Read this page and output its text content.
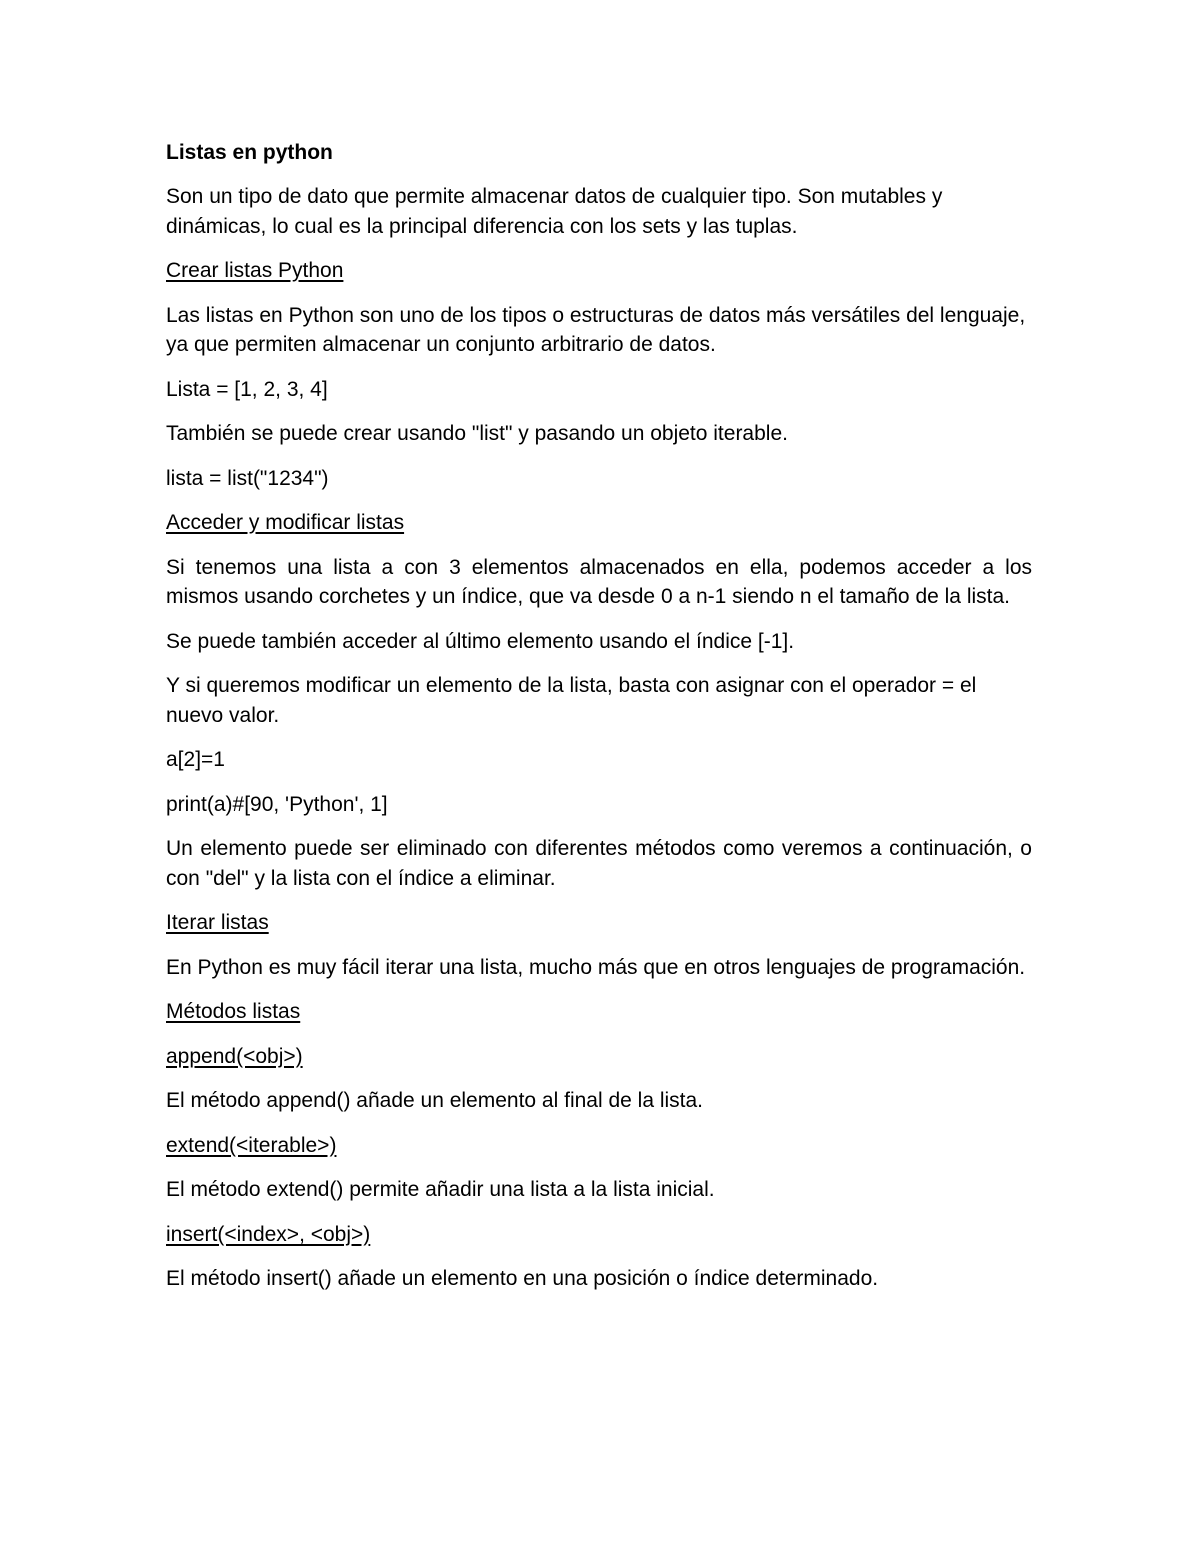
Listas en python
Son un tipo de dato que permite almacenar datos de cualquier tipo. Son mutables y dinámicas, lo cual es la principal diferencia con los sets y las tuplas.
Crear listas Python
Las listas en Python son uno de los tipos o estructuras de datos más versátiles del lenguaje, ya que permiten almacenar un conjunto arbitrario de datos.
Lista = [1, 2, 3, 4]
También se puede crear usando "list" y pasando un objeto iterable.
lista = list("1234")
Acceder y modificar listas
Si tenemos una lista a con 3 elementos almacenados en ella, podemos acceder a los mismos usando corchetes y un índice, que va desde 0 a n-1 siendo n el tamaño de la lista.
Se puede también acceder al último elemento usando el índice [-1].
Y si queremos modificar un elemento de la lista, basta con asignar con el operador = el nuevo valor.
a[2]=1
print(a)#[90, 'Python', 1]
Un elemento puede ser eliminado con diferentes métodos como veremos a continuación, o con "del" y la lista con el índice a eliminar.
Iterar listas
En Python es muy fácil iterar una lista, mucho más que en otros lenguajes de programación.
Métodos listas
append(<obj>)
El método append() añade un elemento al final de la lista.
extend(<iterable>)
El método extend() permite añadir una lista a la lista inicial.
insert(<index>, <obj>)
El método insert() añade un elemento en una posición o índice determinado.
